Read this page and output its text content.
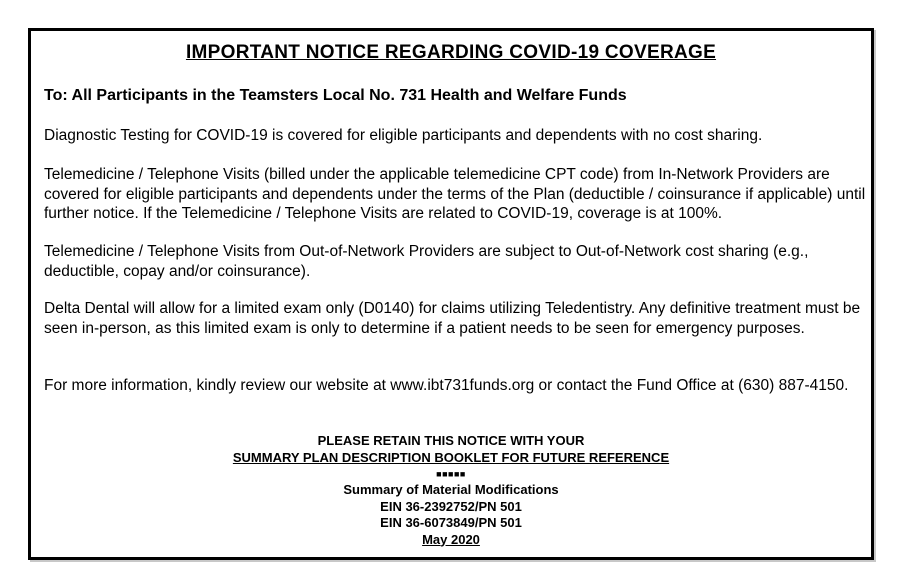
IMPORTANT NOTICE REGARDING COVID-19 COVERAGE

To: All Participants in the Teamsters Local No. 731 Health and Welfare Funds

Diagnostic Testing for COVID-19 is covered for eligible participants and dependents with no cost sharing.

Telemedicine / Telephone Visits (billed under the applicable telemedicine CPT code) from In-Network Providers are covered for eligible participants and dependents under the terms of the Plan (deductible / coinsurance if applicable) until further notice. If the Telemedicine / Telephone Visits are related to COVID-19, coverage is at 100%.

Telemedicine / Telephone Visits from Out-of-Network Providers are subject to Out-of-Network cost sharing (e.g., deductible, copay and/or coinsurance).

Delta Dental will allow for a limited exam only (D0140) for claims utilizing Teledentistry. Any definitive treatment must be seen in-person, as this limited exam is only to determine if a patient needs to be seen for emergency purposes.

For more information, kindly review our website at www.ibt731funds.org or contact the Fund Office at (630) 887-4150.

PLEASE RETAIN THIS NOTICE WITH YOUR
SUMMARY PLAN DESCRIPTION BOOKLET FOR FUTURE REFERENCE
■■■■■
Summary of Material Modifications
EIN 36-2392752/PN 501
EIN 36-6073849/PN 501
May 2020
